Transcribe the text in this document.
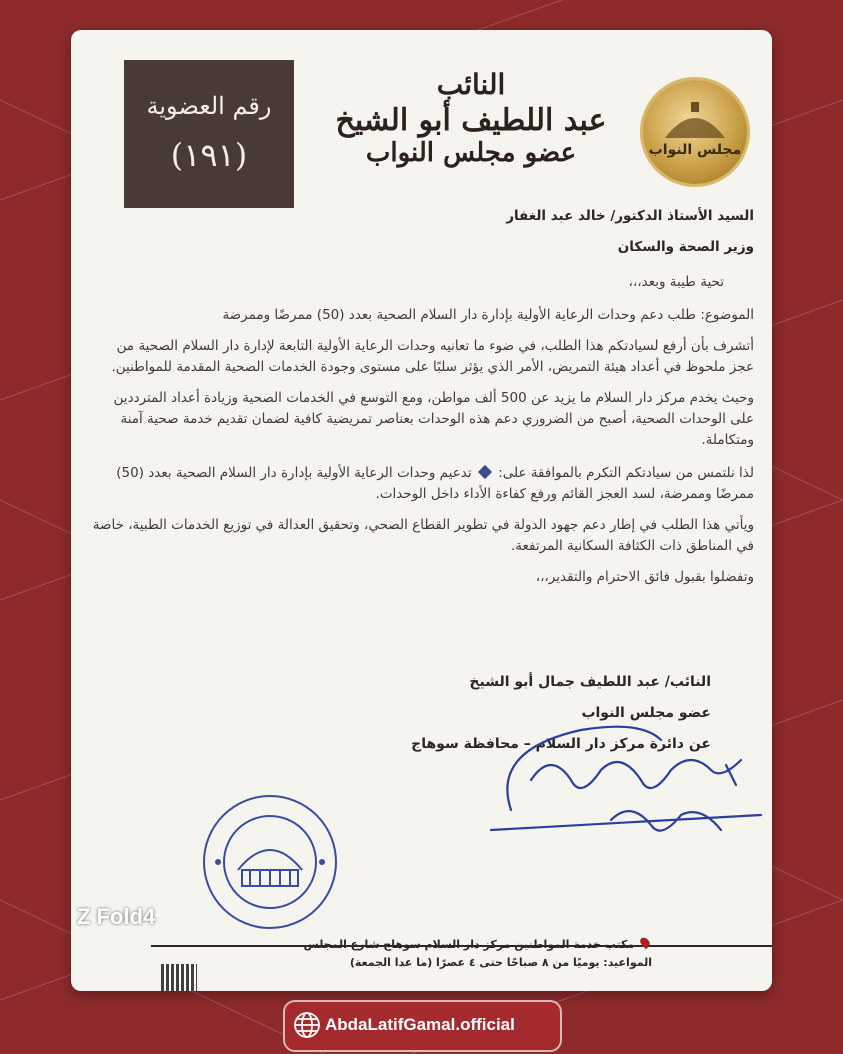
رقم العضوية
(١٩١)
النائب
عبد اللطيف أبو الشيخ
عضو مجلس النواب	مجلس النواب

السيد الأستاذ الدكتور/ خالد عبد الغفار

وزير الصحة والسكان

تحية طيبة وبعد،،،

الموضوع: طلب دعم وحدات الرعاية الأولية بإدارة دار السلام الصحية بعدد (50) ممرضًا وممرضة

أتشرف بأن أرفع لسيادتكم هذا الطلب، في ضوء ما تعانيه وحدات الرعاية الأولية التابعة لإدارة دار السلام الصحية من عجز ملحوظ في أعداد هيئة التمريض، الأمر الذي يؤثر سلبًا على مستوى وجودة الخدمات الصحية المقدمة للمواطنين.

وحيث يخدم مركز دار السلام ما يزيد عن 500 ألف مواطن، ومع التوسع في الخدمات الصحية وزيادة أعداد المترددين على الوحدات الصحية، أصبح من الضروري دعم هذه الوحدات بعناصر تمريضية كافية لضمان تقديم خدمة صحية آمنة ومتكاملة.

لذا نلتمس من سيادتكم التكرم بالموافقة على:  تدعيم وحدات الرعاية الأولية بإدارة دار السلام الصحية بعدد (50) ممرضًا وممرضة، لسد العجز القائم ورفع كفاءة الأداء داخل الوحدات.

ويأتي هذا الطلب في إطار دعم جهود الدولة في تطوير القطاع الصحي، وتحقيق العدالة في توزيع الخدمات الطبية، خاصة في المناطق ذات الكثافة السكانية المرتفعة.

وتفضلوا بقبول فائق الاحترام والتقدير،،،

النائب/ عبد اللطيف جمال أبو الشيخ
عضو مجلس النواب
عن دائرة مركز دار السلام – محافظة سوهاج
Z Fold4
مكتب خدمة المواطنين مركز دار السلام سوهاج شارع المجلس
المواعيد: يوميًا من ٨ صباحًا حتى ٤ عصرًا (ما عدا الجمعة)
AbdaLatifGamal.official
